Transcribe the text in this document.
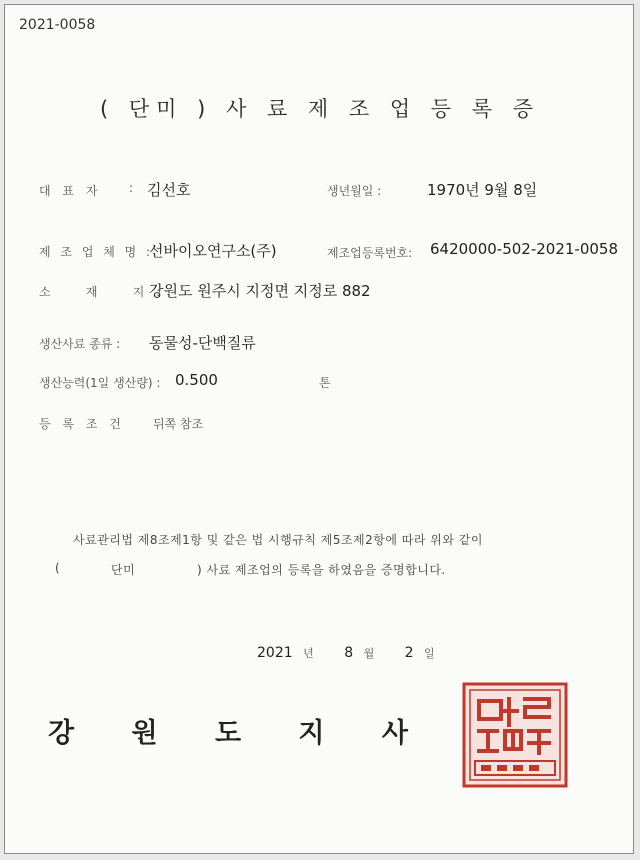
2021-0058
( 단미 ) 사 료 제 조 업 등 록 증
대 표 자 : 김선호	생년월일 :	1970년 9월 8일
제 조 업 체 명 :
선바이오연구소(주)	제조업등록번호: 6420000-502-2021-0058
소    재    지 :
강원도 원주시 지정면 지정로 882
생산사료 종류 : 동물성-단백질류
생산능력(1일 생산량) : 0.500	톤
등 록 조 건 뒤쪽 참조
사료관리법 제8조제1항 및 같은 법 시행규칙 제5조제2항에 따라 위와 같이
(	단미	) 사료 제조업의 등록을 하였음을 증명합니다.
2021 년 8 월 2 일
강 원 도 지 사
